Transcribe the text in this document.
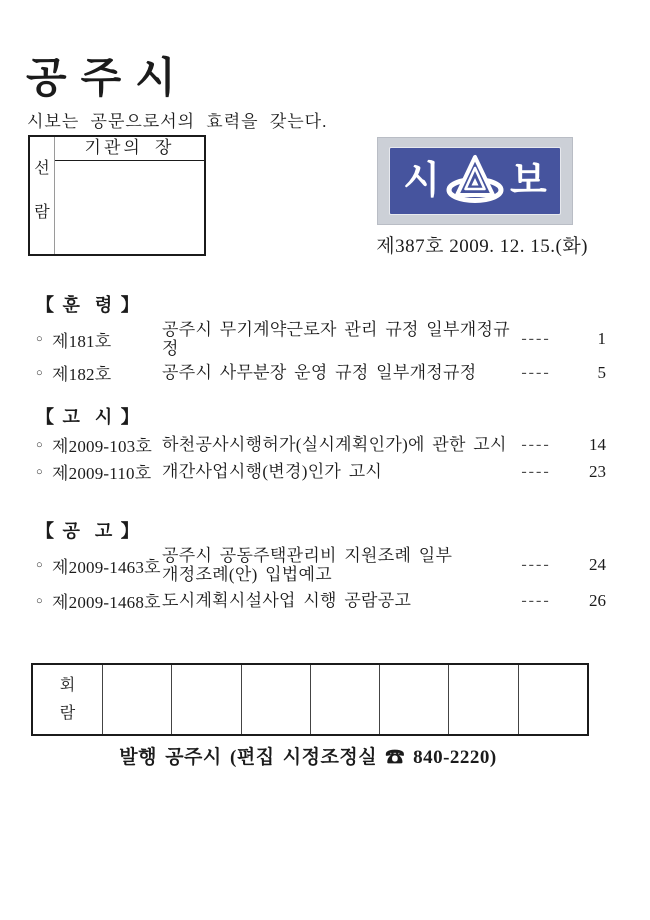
공주시
시보는 공문으로서의 효력을 갖는다.
선
람
기관의 장
시 보
제387호 2009. 12. 15.(화)
【 훈  령 】
○ 제181호
공주시 무기계약근로자 관리 규정 일부개정규정
----	1
○ 제182호	공주시 사무분장 운영 규정 일부개정규정	----	5
【 고  시 】
○ 제2009-103호 하천공사시행허가(실시계획인가)에 관한 고시 ----	14
○ 제2009-110호 개간사업시행(변경)인가 고시	----	23
【 공  고 】
○ 제2009-1463호
공주시 공동주택관리비 지원조례 일부
개정조례(안) 입법예고
----	24
○ 제2009-1468호 도시계획시설사업 시행 공람공고	----	26
회
람
발행 공주시 (편집 시정조정실 ☎ 840-2220)
